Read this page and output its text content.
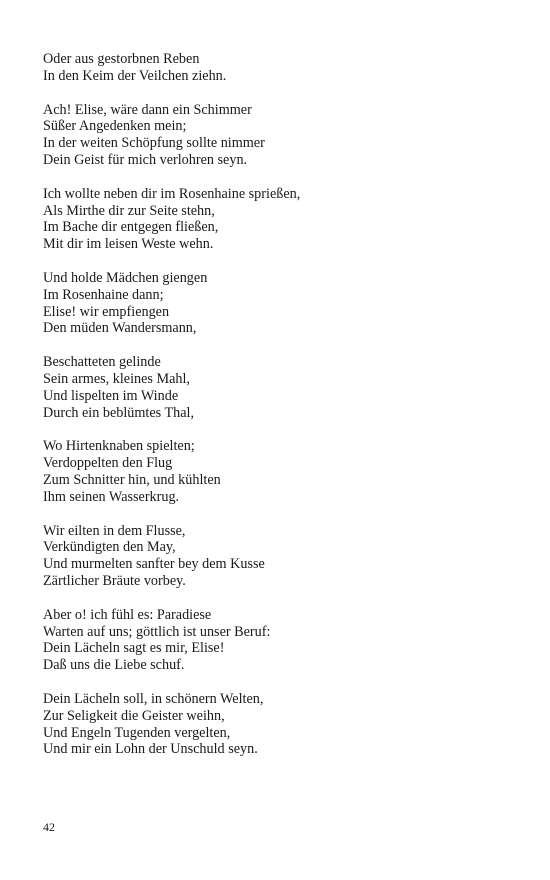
Oder aus gestorbnen Reben
In den Keim der Veilchen ziehn.
Ach! Elise, wäre dann ein Schimmer
Süßer Angedenken mein;
In der weiten Schöpfung sollte nimmer
Dein Geist für mich verlohren seyn.
Ich wollte neben dir im Rosenhaine sprießen,
Als Mirthe dir zur Seite stehn,
Im Bache dir entgegen fließen,
Mit dir im leisen Weste wehn.
Und holde Mädchen giengen
Im Rosenhaine dann;
Elise! wir empfiengen
Den müden Wandersmann,
Beschatteten gelinde
Sein armes, kleines Mahl,
Und lispelten im Winde
Durch ein beblümtes Thal,
Wo Hirtenknaben spielten;
Verdoppelten den Flug
Zum Schnitter hin, und kühlten
Ihm seinen Wasserkrug.
Wir eilten in dem Flusse,
Verkündigten den May,
Und murmelten sanfter bey dem Kusse
Zärtlicher Bräute vorbey.
Aber o! ich fühl es: Paradiese
Warten auf uns; göttlich ist unser Beruf:
Dein Lächeln sagt es mir, Elise!
Daß uns die Liebe schuf.
Dein Lächeln soll, in schönern Welten,
Zur Seligkeit die Geister weihn,
Und Engeln Tugenden vergelten,
Und mir ein Lohn der Unschuld seyn.
42
